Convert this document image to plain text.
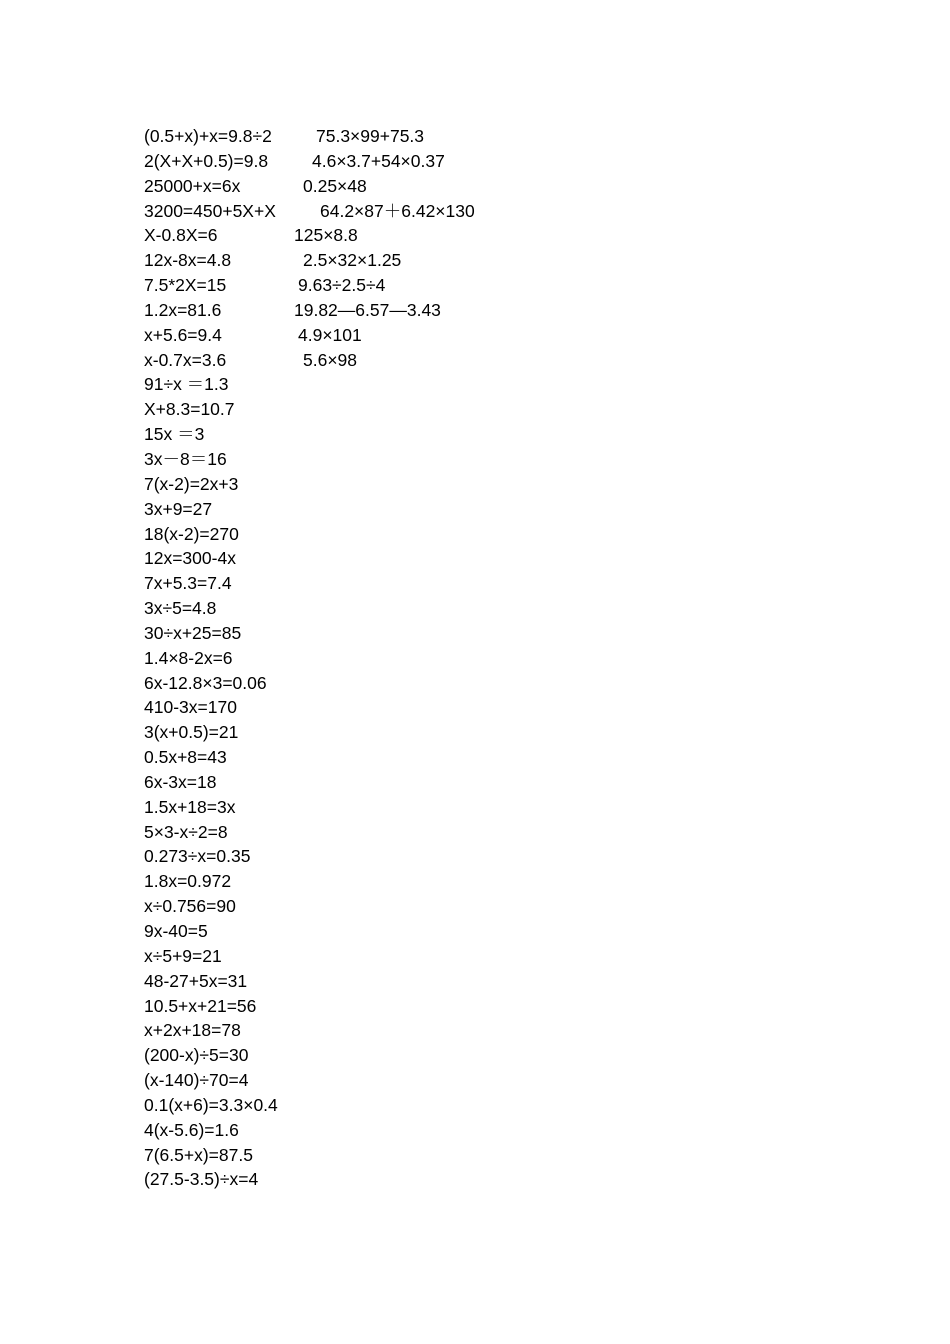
(0.5+x)+x=9.8÷2	75.3×99+75.3
2(X+X+0.5)=9.8	4.6×3.7+54×0.37
25000+x=6x	0.25×48
3200=450+5X+X	64.2×87＋6.42×130
X-0.8X=6	125×8.8
12x-8x=4.8	2.5×32×1.25
7.5*2X=15	9.63÷2.5÷4
1.2x=81.6	19.82—6.57—3.43
x+5.6=9.4	4.9×101
x-0.7x=3.6	5.6×98
91÷x ＝1.3
X+8.3=10.7
15x ＝3
3x－8＝16
7(x-2)=2x+3
3x+9=27
18(x-2)=270
12x=300-4x
7x+5.3=7.4
3x÷5=4.8
30÷x+25=85
1.4×8-2x=6
6x-12.8×3=0.06
410-3x=170
3(x+0.5)=21
0.5x+8=43
6x-3x=18
1.5x+18=3x
5×3-x÷2=8
0.273÷x=0.35
1.8x=0.972
x÷0.756=90
9x-40=5
x÷5+9=21
48-27+5x=31
10.5+x+21=56
x+2x+18=78
(200-x)÷5=30
(x-140)÷70=4
0.1(x+6)=3.3×0.4
4(x-5.6)=1.6
7(6.5+x)=87.5
(27.5-3.5)÷x=4
